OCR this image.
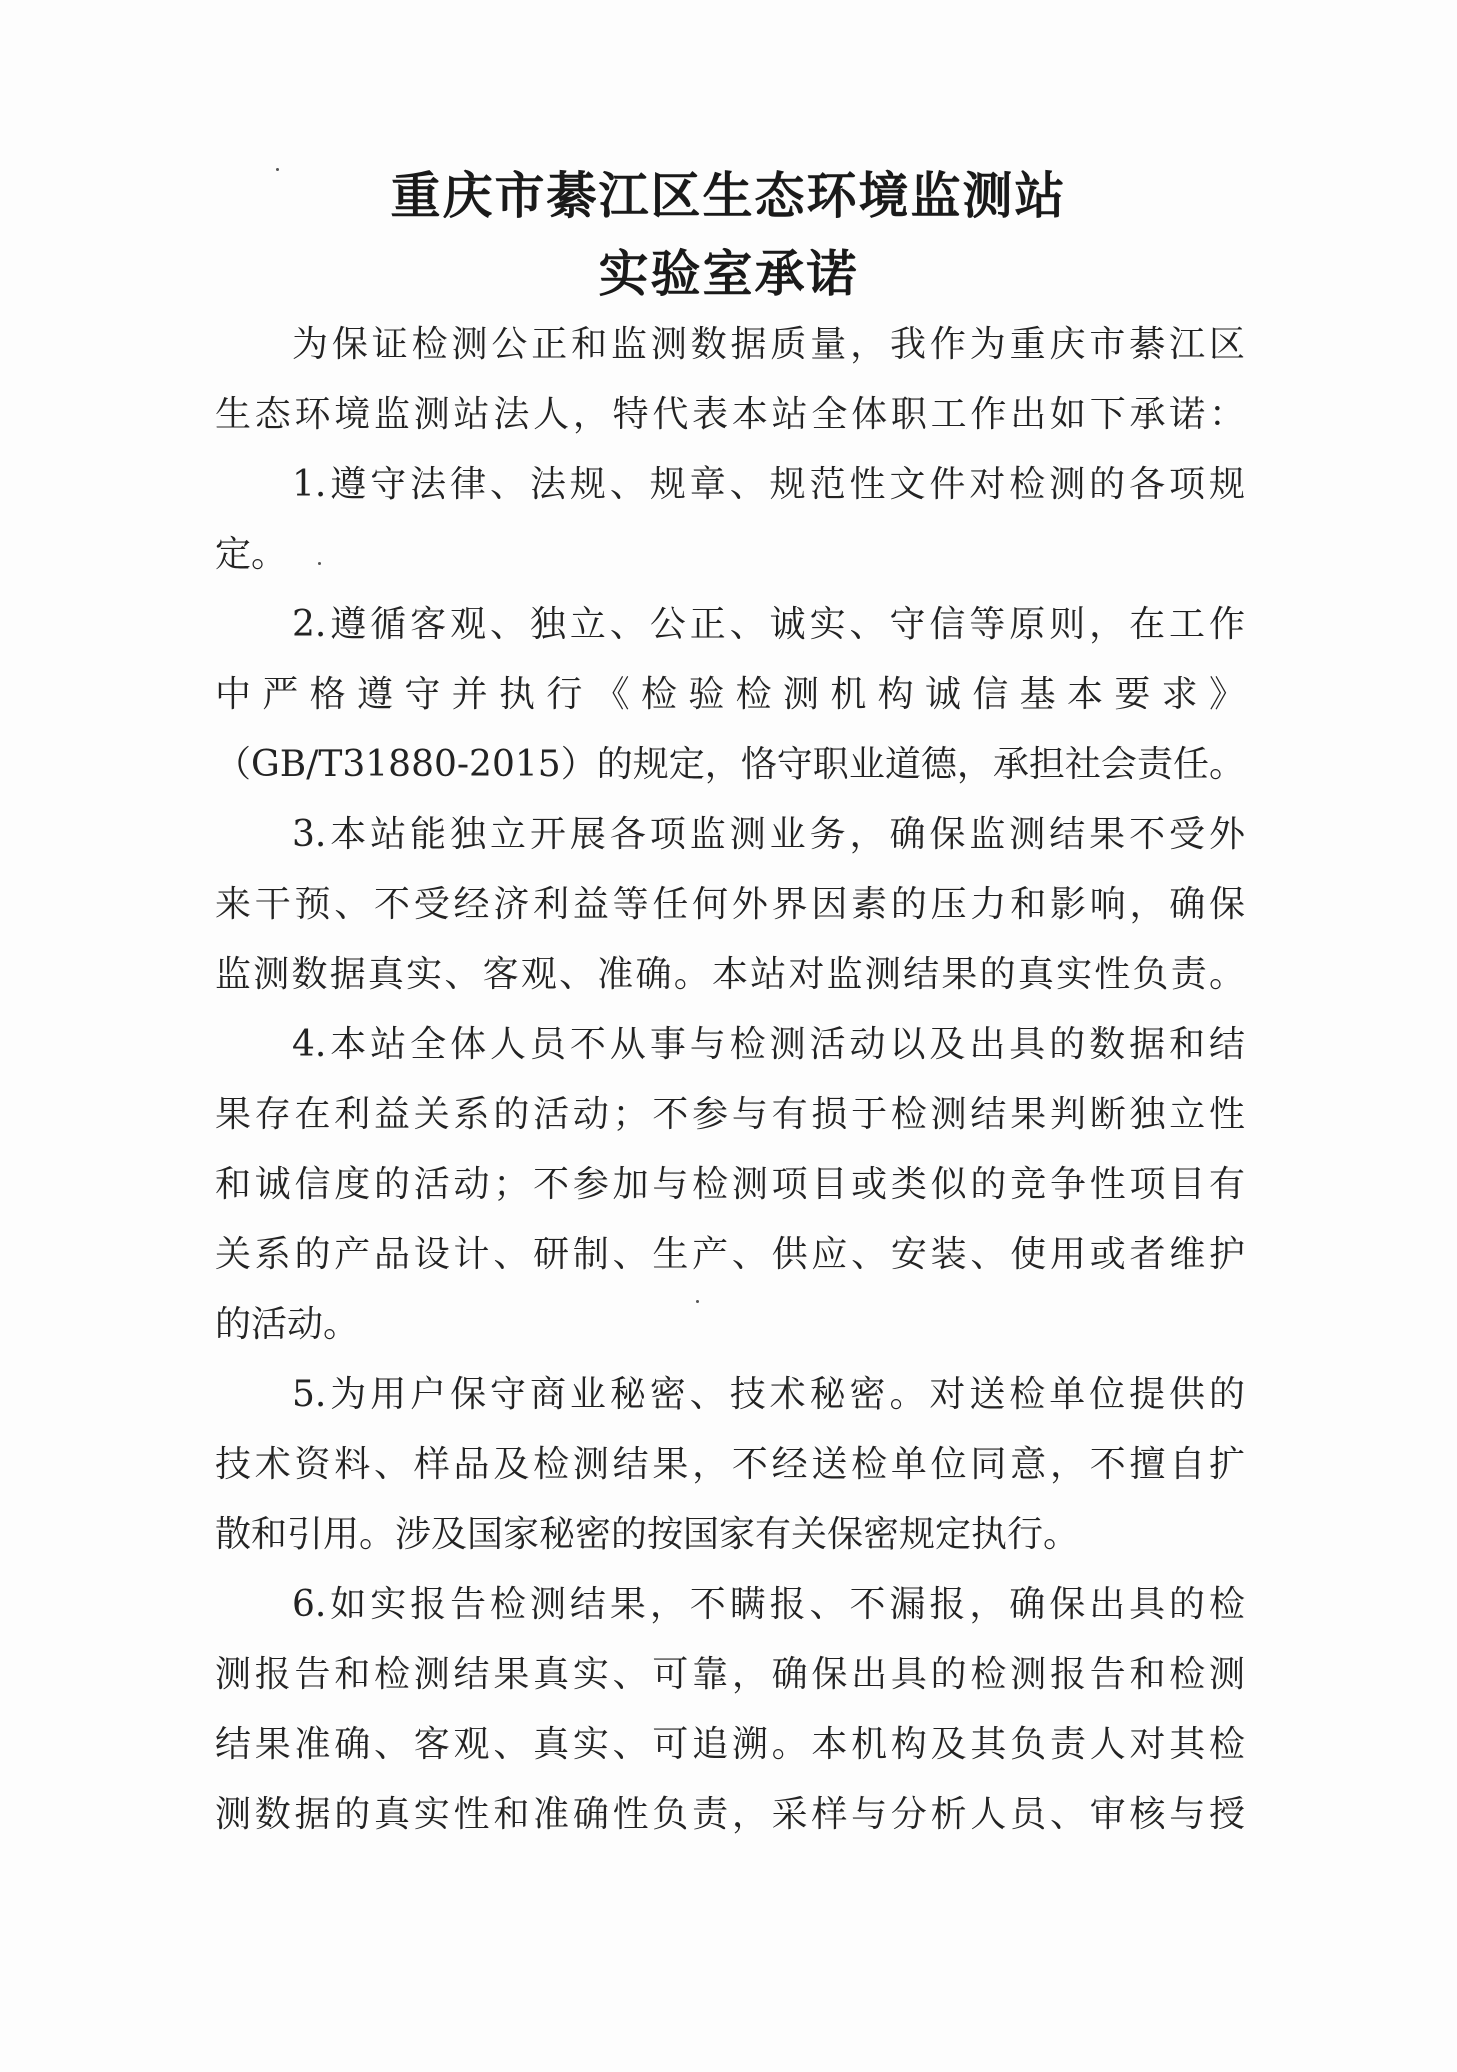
重庆市綦江区生态环境监测站
实验室承诺
为保证检测公正和监测数据质量，我作为重庆市綦江区
生态环境监测站法人，特代表本站全体职工作出如下承诺：
1.遵守法律、法规、规章、规范性文件对检测的各项规
定。
2.遵循客观、独立、公正、诚实、守信等原则，在工作
中严格遵守并执行《检验检测机构诚信基本要求》
（GB/T31880-2015）的规定，恪守职业道德，承担社会责任。
3.本站能独立开展各项监测业务，确保监测结果不受外
来干预、不受经济利益等任何外界因素的压力和影响，确保
监测数据真实、客观、准确。本站对监测结果的真实性负责。
4.本站全体人员不从事与检测活动以及出具的数据和结
果存在利益关系的活动；不参与有损于检测结果判断独立性
和诚信度的活动；不参加与检测项目或类似的竞争性项目有
关系的产品设计、研制、生产、供应、安装、使用或者维护
的活动。
5.为用户保守商业秘密、技术秘密。对送检单位提供的
技术资料、样品及检测结果，不经送检单位同意，不擅自扩
散和引用。涉及国家秘密的按国家有关保密规定执行。
6.如实报告检测结果，不瞒报、不漏报，确保出具的检
测报告和检测结果真实、可靠，确保出具的检测报告和检测
结果准确、客观、真实、可追溯。本机构及其负责人对其检
测数据的真实性和准确性负责，采样与分析人员、审核与授
